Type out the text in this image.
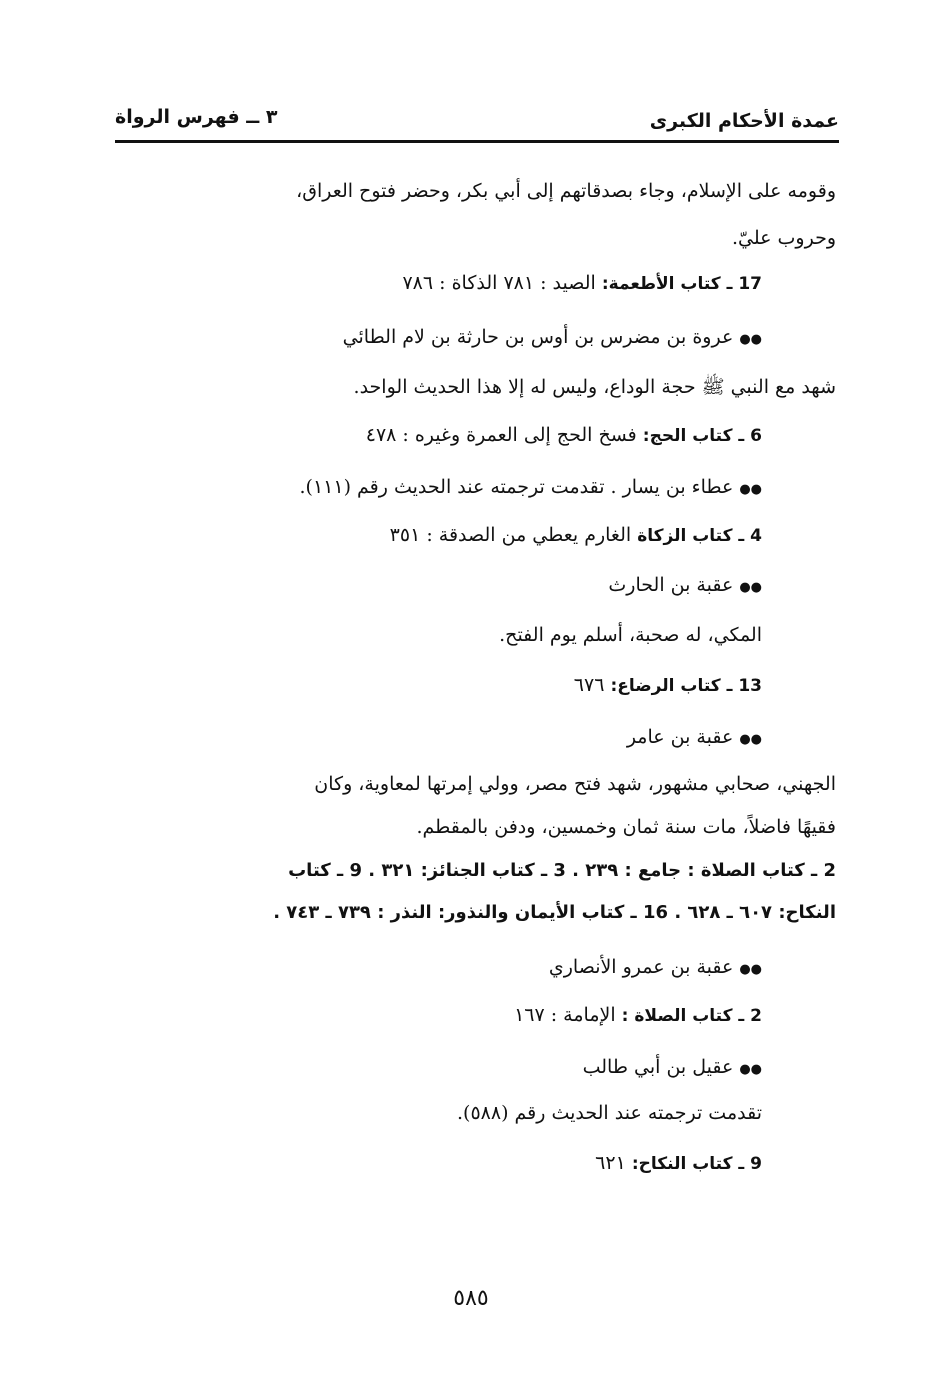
عمدة الأحكام الكبرى
٣ ــ فهرس الرواة
وقومه على الإسلام، وجاء بصدقاتهم إلى أبي بكر، وحضر فتوح العراق،
وحروب عليّ.
17 ـ كتاب الأطعمة: الصيد : ٧٨١ الذكاة : ٧٨٦
●●عروة بن مضرس بن أوس بن حارثة بن لام الطائي
شهد مع النبي ﷺ حجة الوداع، وليس له إلا هذا الحديث الواحد.
6 ـ كتاب الحج: فسخ الحج إلى العمرة وغيره : ٤٧٨
●●عطاء بن يسار . تقدمت ترجمته عند الحديث رقم (١١١).
4 ـ كتاب الزكاة الغارم يعطي من الصدقة : ٣٥١
●●عقبة بن الحارث
المكي، له صحبة، أسلم يوم الفتح.
13 ـ كتاب الرضاع: ٦٧٦
●●عقبة بن عامر
الجهني، صحابي مشهور، شهد فتح مصر، وولي إمرتها لمعاوية، وكان
فقيهًا فاضلاً، مات سنة ثمان وخمسين، ودفن بالمقطم.
2 ـ كتاب الصلاة : جامع : ٢٣٩ . 3 ـ كتاب الجنائز: ٣٢١ . 9 ـ كتاب
النكاح: ٦٠٧ ـ ٦٢٨ . 16 ـ كتاب الأيمان والنذور: النذر : ٧٣٩ ـ ٧٤٣ .
●●عقبة بن عمرو الأنصاري
2 ـ كتاب الصلاة : الإمامة : ١٦٧
●●عقيل بن أبي طالب
تقدمت ترجمته عند الحديث رقم (٥٨٨).
9 ـ كتاب النكاح: ٦٢١
٥٨٥
